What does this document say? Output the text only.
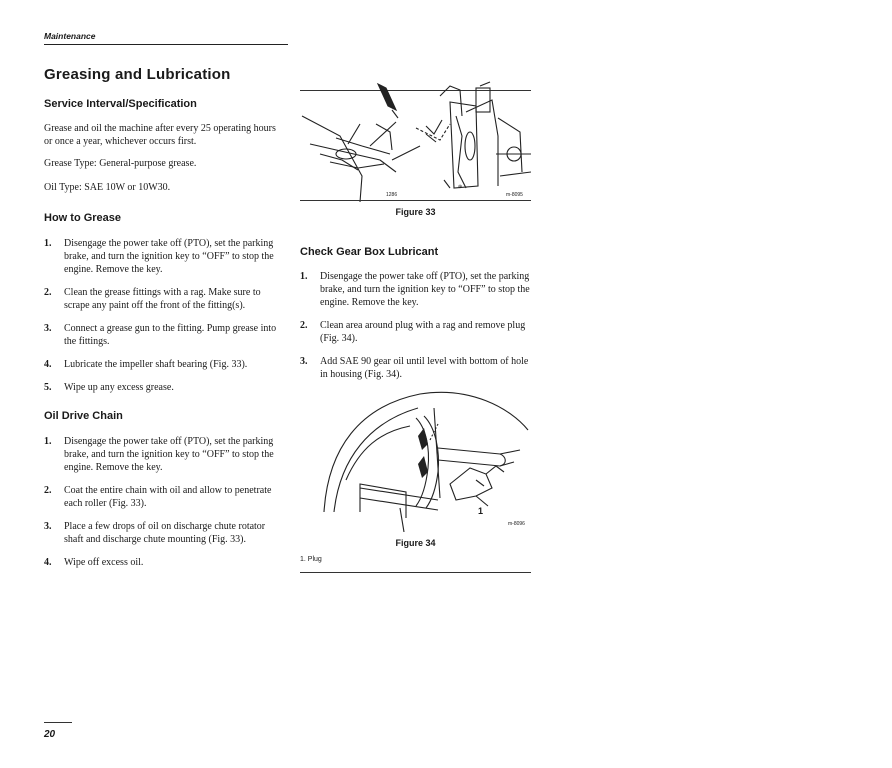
Maintenance
Greasing and Lubrication
Service Interval/Specification
Grease and oil the machine after every 25 operating hours or once a year, whichever occurs first.
Grease Type: General-purpose grease.
Oil Type: SAE 10W or 10W30.
How to Grease
1. Disengage the power take off (PTO), set the parking brake, and turn the ignition key to “OFF” to stop the engine. Remove the key.
2. Clean the grease fittings with a rag. Make sure to scrape any paint off the front of the fitting(s).
3. Connect a grease gun to the fitting. Pump grease into the fittings.
4. Lubricate the impeller shaft bearing (Fig. 33).
5. Wipe up any excess grease.
Oil Drive Chain
1. Disengage the power take off (PTO), set the parking brake, and turn the ignition key to “OFF” to stop the engine. Remove the key.
2. Coat the entire chain with oil and allow to penetrate each roller (Fig. 33).
3. Place a few drops of oil on discharge chute rotator shaft and discharge chute mounting (Fig. 33).
4. Wipe off excess oil.
⊕
1286	m-8095
Figure 33
Check Gear Box Lubricant
1. Disengage the power take off (PTO), set the parking brake, and turn the ignition key to “OFF” to stop the engine. Remove the key.
2. Clean area around plug with a rag and remove plug (Fig. 34).
3. Add SAE 90 gear oil until level with bottom of hole in housing (Fig. 34).
1
m-8096
Figure 34
1. Plug
20
